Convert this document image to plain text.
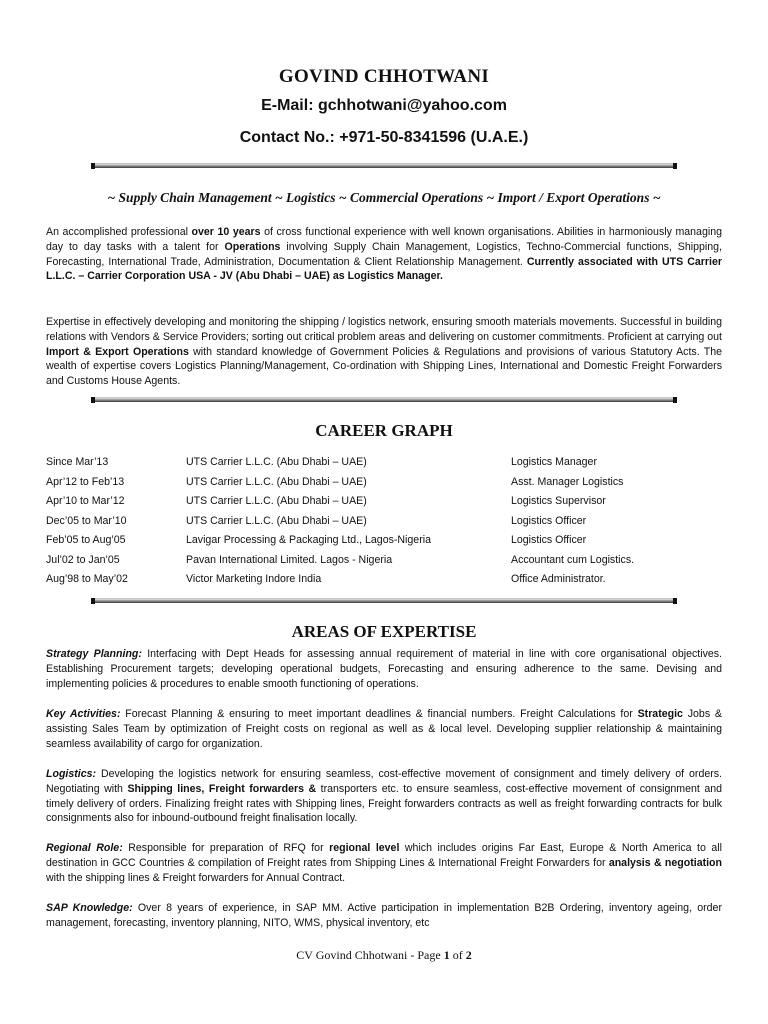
GOVIND CHHOTWANI
E-Mail: gchhotwani@yahoo.com
Contact No.: +971-50-8341596 (U.A.E.)
~ Supply Chain Management ~ Logistics ~ Commercial Operations ~ Import / Export Operations ~

An accomplished professional over 10 years of cross functional experience with well known organisations. Abilities in harmoniously managing day to day tasks with a talent for Operations involving Supply Chain Management, Logistics, Techno-Commercial functions, Shipping, Forecasting, International Trade, Administration, Documentation & Client Relationship Management. Currently associated with UTS Carrier L.L.C. – Carrier Corporation USA - JV (Abu Dhabi – UAE) as Logistics Manager.

Expertise in effectively developing and monitoring the shipping / logistics network, ensuring smooth materials movements. Successful in building relations with Vendors & Service Providers; sorting out critical problem areas and delivering on customer commitments. Proficient at carrying out Import & Export Operations with standard knowledge of Government Policies & Regulations and provisions of various Statutory Acts. The wealth of expertise covers Logistics Planning/Management, Co-ordination with Shipping Lines, International and Domestic Freight Forwarders and Customs House Agents.

CAREER GRAPH
Since Mar’13	UTS Carrier L.L.C. (Abu Dhabi – UAE)	Logistics Manager
Apr’12 to Feb’13	UTS Carrier L.L.C. (Abu Dhabi – UAE)	Asst. Manager Logistics
Apr’10 to Mar’12	UTS Carrier L.L.C. (Abu Dhabi – UAE)	Logistics Supervisor
Dec’05 to Mar’10	UTS Carrier L.L.C. (Abu Dhabi – UAE)	Logistics Officer
Feb’05 to Aug’05	Lavigar Processing & Packaging Ltd., Lagos-Nigeria	Logistics Officer
Jul’02 to Jan’05	Pavan International Limited. Lagos - Nigeria	Accountant cum Logistics.
Aug’98 to May’02	Victor Marketing Indore India	Office Administrator.
AREAS OF EXPERTISE

Strategy Planning: Interfacing with Dept Heads for assessing annual requirement of material in line with core organisational objectives. Establishing Procurement targets; developing operational budgets, Forecasting and ensuring adherence to the same. Devising and implementing policies & procedures to enable smooth functioning of operations.

Key Activities: Forecast Planning & ensuring to meet important deadlines & financial numbers. Freight Calculations for Strategic Jobs & assisting Sales Team by optimization of Freight costs on regional as well as & local level. Developing supplier relationship & maintaining seamless availability of cargo for organization.

Logistics: Developing the logistics network for ensuring seamless, cost-effective movement of consignment and timely delivery of orders. Negotiating with Shipping lines, Freight forwarders & transporters etc. to ensure seamless, cost-effective movement of consignment and timely delivery of orders. Finalizing freight rates with Shipping lines, Freight forwarders contracts as well as freight forwarding contracts for bulk consignments also for inbound-outbound freight finalisation locally.

Regional Role: Responsible for preparation of RFQ for regional level which includes origins Far East, Europe & North America to all destination in GCC Countries & compilation of Freight rates from Shipping Lines & International Freight Forwarders for analysis & negotiation with the shipping lines & Freight forwarders for Annual Contract.

SAP Knowledge: Over 8 years of experience, in SAP MM. Active participation in implementation B2B Ordering, inventory ageing, order management, forecasting, inventory planning, NITO, WMS, physical inventory, etc

CV Govind Chhotwani - Page 1 of 2
